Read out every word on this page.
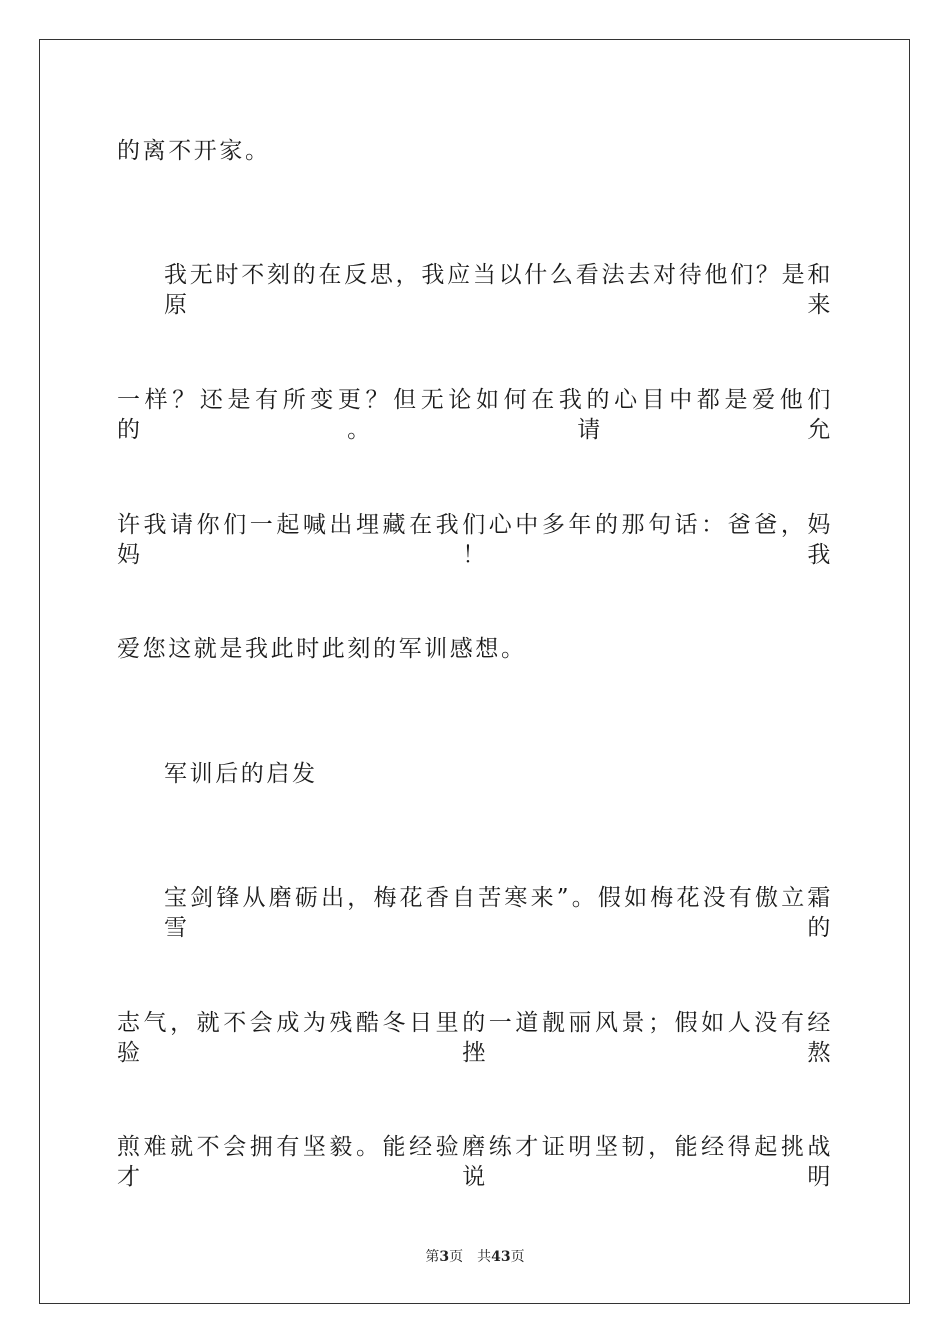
的离不开家。
我无时不刻的在反思，我应当以什么看法去对待他们？是和原来
一样？还是有所变更？但无论如何在我的心目中都是爱他们的。请允
许我请你们一起喊出埋藏在我们心中多年的那句话：爸爸，妈妈！我
爱您这就是我此时此刻的军训感想。
军训后的启发
宝剑锋从磨砺出，梅花香自苦寒来”。假如梅花没有傲立霜雪的
志气，就不会成为残酷冬日里的一道靓丽风景；假如人没有经验挫熬
煎难就不会拥有坚毅。能经验磨练才证明坚韧，能经得起挑战才说明
第3页 共43页
